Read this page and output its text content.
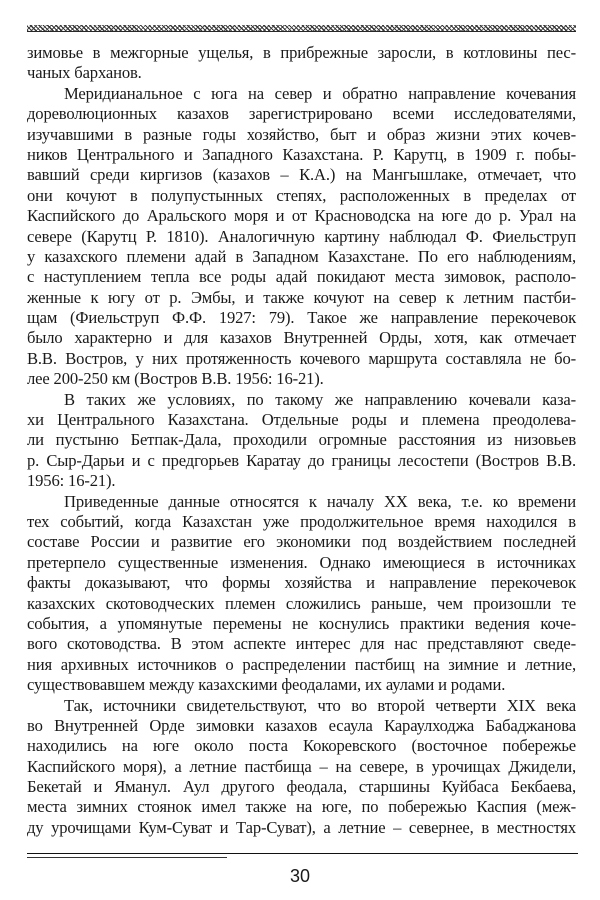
зимовье в межгорные ущелья, в прибрежные заросли, в котловины пес-
чаных барханов.
Меридианальное с юга на север и обратно направление кочевания
дореволюционных казахов зарегистрировано всеми исследователями,
изучавшими в разные годы хозяйство, быт и образ жизни этих кочев-
ников Центрального и Западного Казахстана. Р. Карутц, в 1909 г. побы-
вавший среди киргизов (казахов – К.А.) на Мангышлаке, отмечает, что
они кочуют в полупустынных степях, расположенных в пределах от
Каспийского до Аральского моря и от Красноводска на юге до р. Урал на
севере (Карутц Р. 1810). Аналогичную картину наблюдал Ф. Фиельструп
у казахского племени адай в Западном Казахстане. По его наблюдениям,
с наступлением тепла все роды адай покидают места зимовок, располо-
женные к югу от р. Эмбы, и также кочуют на север к летним пастби-
щам (Фиельструп Ф.Ф. 1927: 79). Такое же направление перекочевок
было характерно и для казахов Внутренней Орды, хотя, как отмечает
В.В. Востров, у них протяженность кочевого маршрута составляла не бо-
лее 200-250 км (Востров В.В. 1956: 16-21).
В таких же условиях, по такому же направлению кочевали каза-
хи Центрального Казахстана. Отдельные роды и племена преодолева-
ли пустыню Бетпак-Дала, проходили огромные расстояния из низовьев
р. Сыр-Дарьи и с предгорьев Каратау до границы лесостепи (Востров В.В.
1956: 16-21).
Приведенные данные относятся к началу XX века, т.е. ко времени
тех событий, когда Казахстан уже продолжительное время находился в
составе России и развитие его экономики под воздействием последней
претерпело существенные изменения. Однако имеющиеся в источниках
факты доказывают, что формы хозяйства и направление перекочевок
казахских скотоводческих племен сложились раньше, чем произошли те
события, а упомянутые перемены не коснулись практики ведения коче-
вого скотоводства. В этом аспекте интерес для нас представляют сведе-
ния архивных источников о распределении пастбищ на зимние и летние,
существовавшем между казахскими феодалами, их аулами и родами.
Так, источники свидетельствуют, что во второй четверти XIX века
во Внутренней Орде зимовки казахов есаула Караулходжа Бабаджанова
находились на юге около поста Кокоревского (восточное побережье
Каспийского моря), а летние пастбища – на севере, в урочищах Джидели,
Бекетай и Яманул. Аул другого феодала, старшины Куйбаса Бекбаева,
места зимних стоянок имел также на юге, по побережью Каспия (меж-
ду урочищами Кум-Суват и Тар-Суват), а летние – севернее, в местностях
30
